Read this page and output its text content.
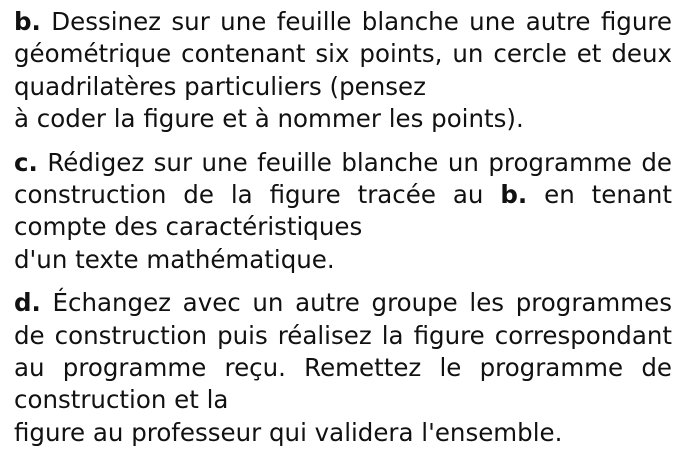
b. Dessinez sur une feuille blanche une autre figure géométrique contenant six points, un cercle et deux quadrilatères particuliers (pensez
à coder la figure et à nommer les points).

c. Rédigez sur une feuille blanche un programme de construction de la figure tracée au b. en tenant compte des caractéristiques
d'un texte mathématique.

d. Échangez avec un autre groupe les programmes de construction puis réalisez la figure correspondant au programme reçu. Remettez le programme de construction et la
figure au professeur qui validera l'ensemble.
